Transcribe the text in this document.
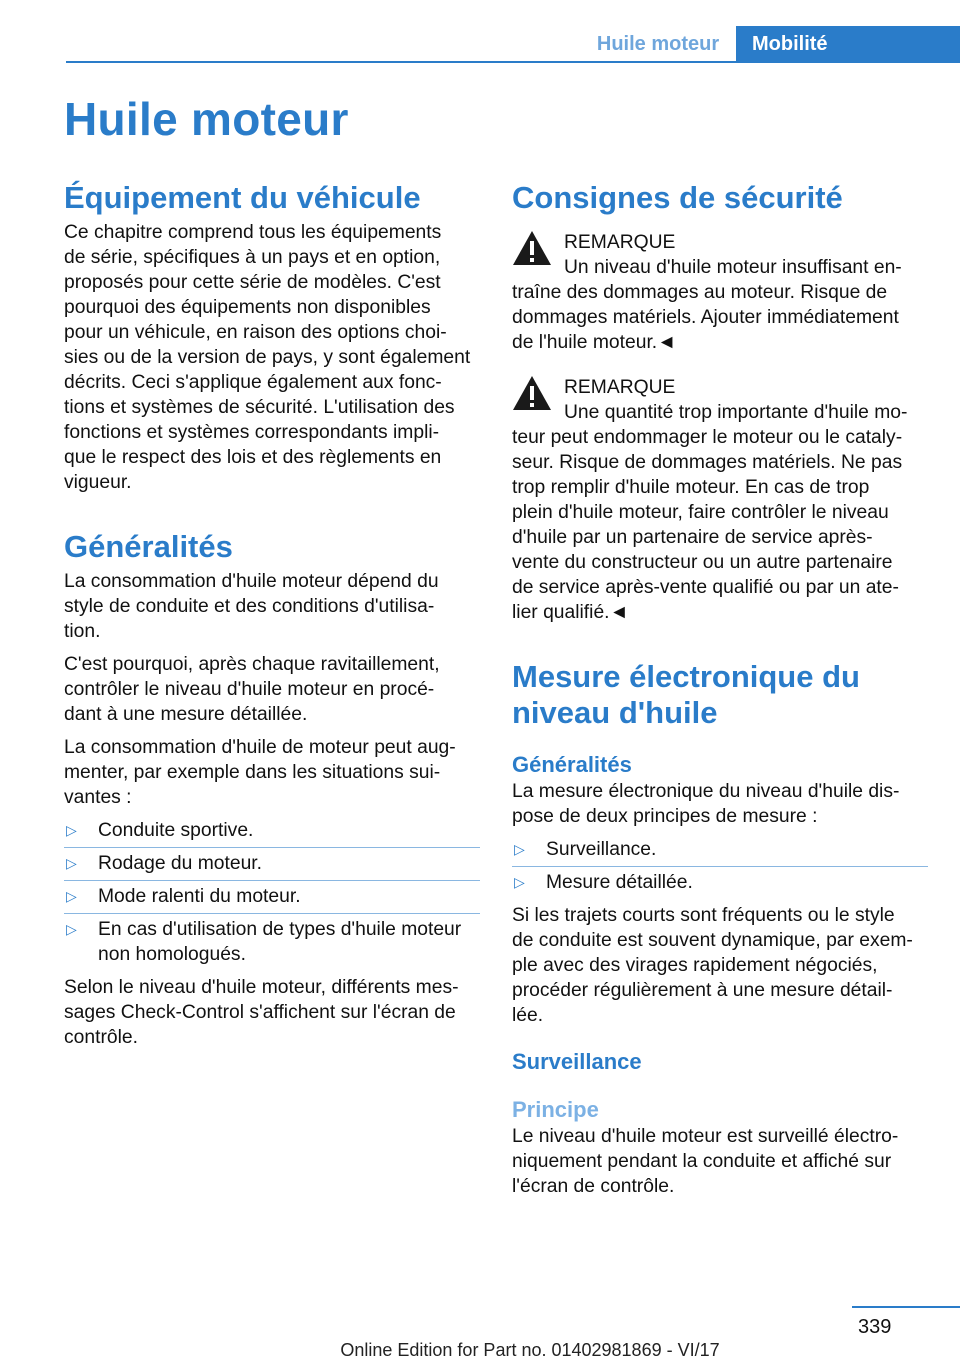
Huile moteur	Mobilité
Huile moteur
Équipement du véhicule

Ce chapitre comprend tous les équipements
de série, spécifiques à un pays et en option,
proposés pour cette série de modèles. C'est
pourquoi des équipements non disponibles
pour un véhicule, en raison des options choi‐
sies ou de la version de pays, y sont également
décrits. Ceci s'applique également aux fonc‐
tions et systèmes de sécurité. L'utilisation des
fonctions et systèmes correspondants impli‐
que le respect des lois et des règlements en
vigueur.

Généralités

La consommation d'huile moteur dépend du
style de conduite et des conditions d'utilisa‐
tion.

C'est pourquoi, après chaque ravitaillement,
contrôler le niveau d'huile moteur en procé‐
dant à une mesure détaillée.

La consommation d'huile de moteur peut aug‐
menter, par exemple dans les situations sui‐
vantes :

▷ Conduite sportive.
▷ Rodage du moteur.
▷ Mode ralenti du moteur.
▷ En cas d'utilisation de types d'huile moteur
non homologués.

Selon le niveau d'huile moteur, différents mes‐
sages Check-Control s'affichent sur l'écran de
contrôle.

Consignes de sécurité
REMARQUE
Un niveau d'huile moteur insuffisant en‐

traîne des dommages au moteur. Risque de
dommages matériels. Ajouter immédiatement
de l'huile moteur.◄

REMARQUE
Une quantité trop importante d'huile mo‐

teur peut endommager le moteur ou le cataly‐
seur. Risque de dommages matériels. Ne pas
trop remplir d'huile moteur. En cas de trop
plein d'huile moteur, faire contrôler le niveau
d'huile par un partenaire de service après-
vente du constructeur ou un autre partenaire
de service après-vente qualifié ou par un ate‐
lier qualifié.◄

Mesure électronique du
niveau d'huile
Généralités

La mesure électronique du niveau d'huile dis‐
pose de deux principes de mesure :

▷ Surveillance.
▷ Mesure détaillée.

Si les trajets courts sont fréquents ou le style
de conduite est souvent dynamique, par exem‐
ple avec des virages rapidement négociés,
procéder régulièrement à une mesure détail‐
lée.

Surveillance
Principe

Le niveau d'huile moteur est surveillé électro‐
niquement pendant la conduite et affiché sur
l'écran de contrôle.

339
Online Edition for Part no. 01402981869 - VI/17
